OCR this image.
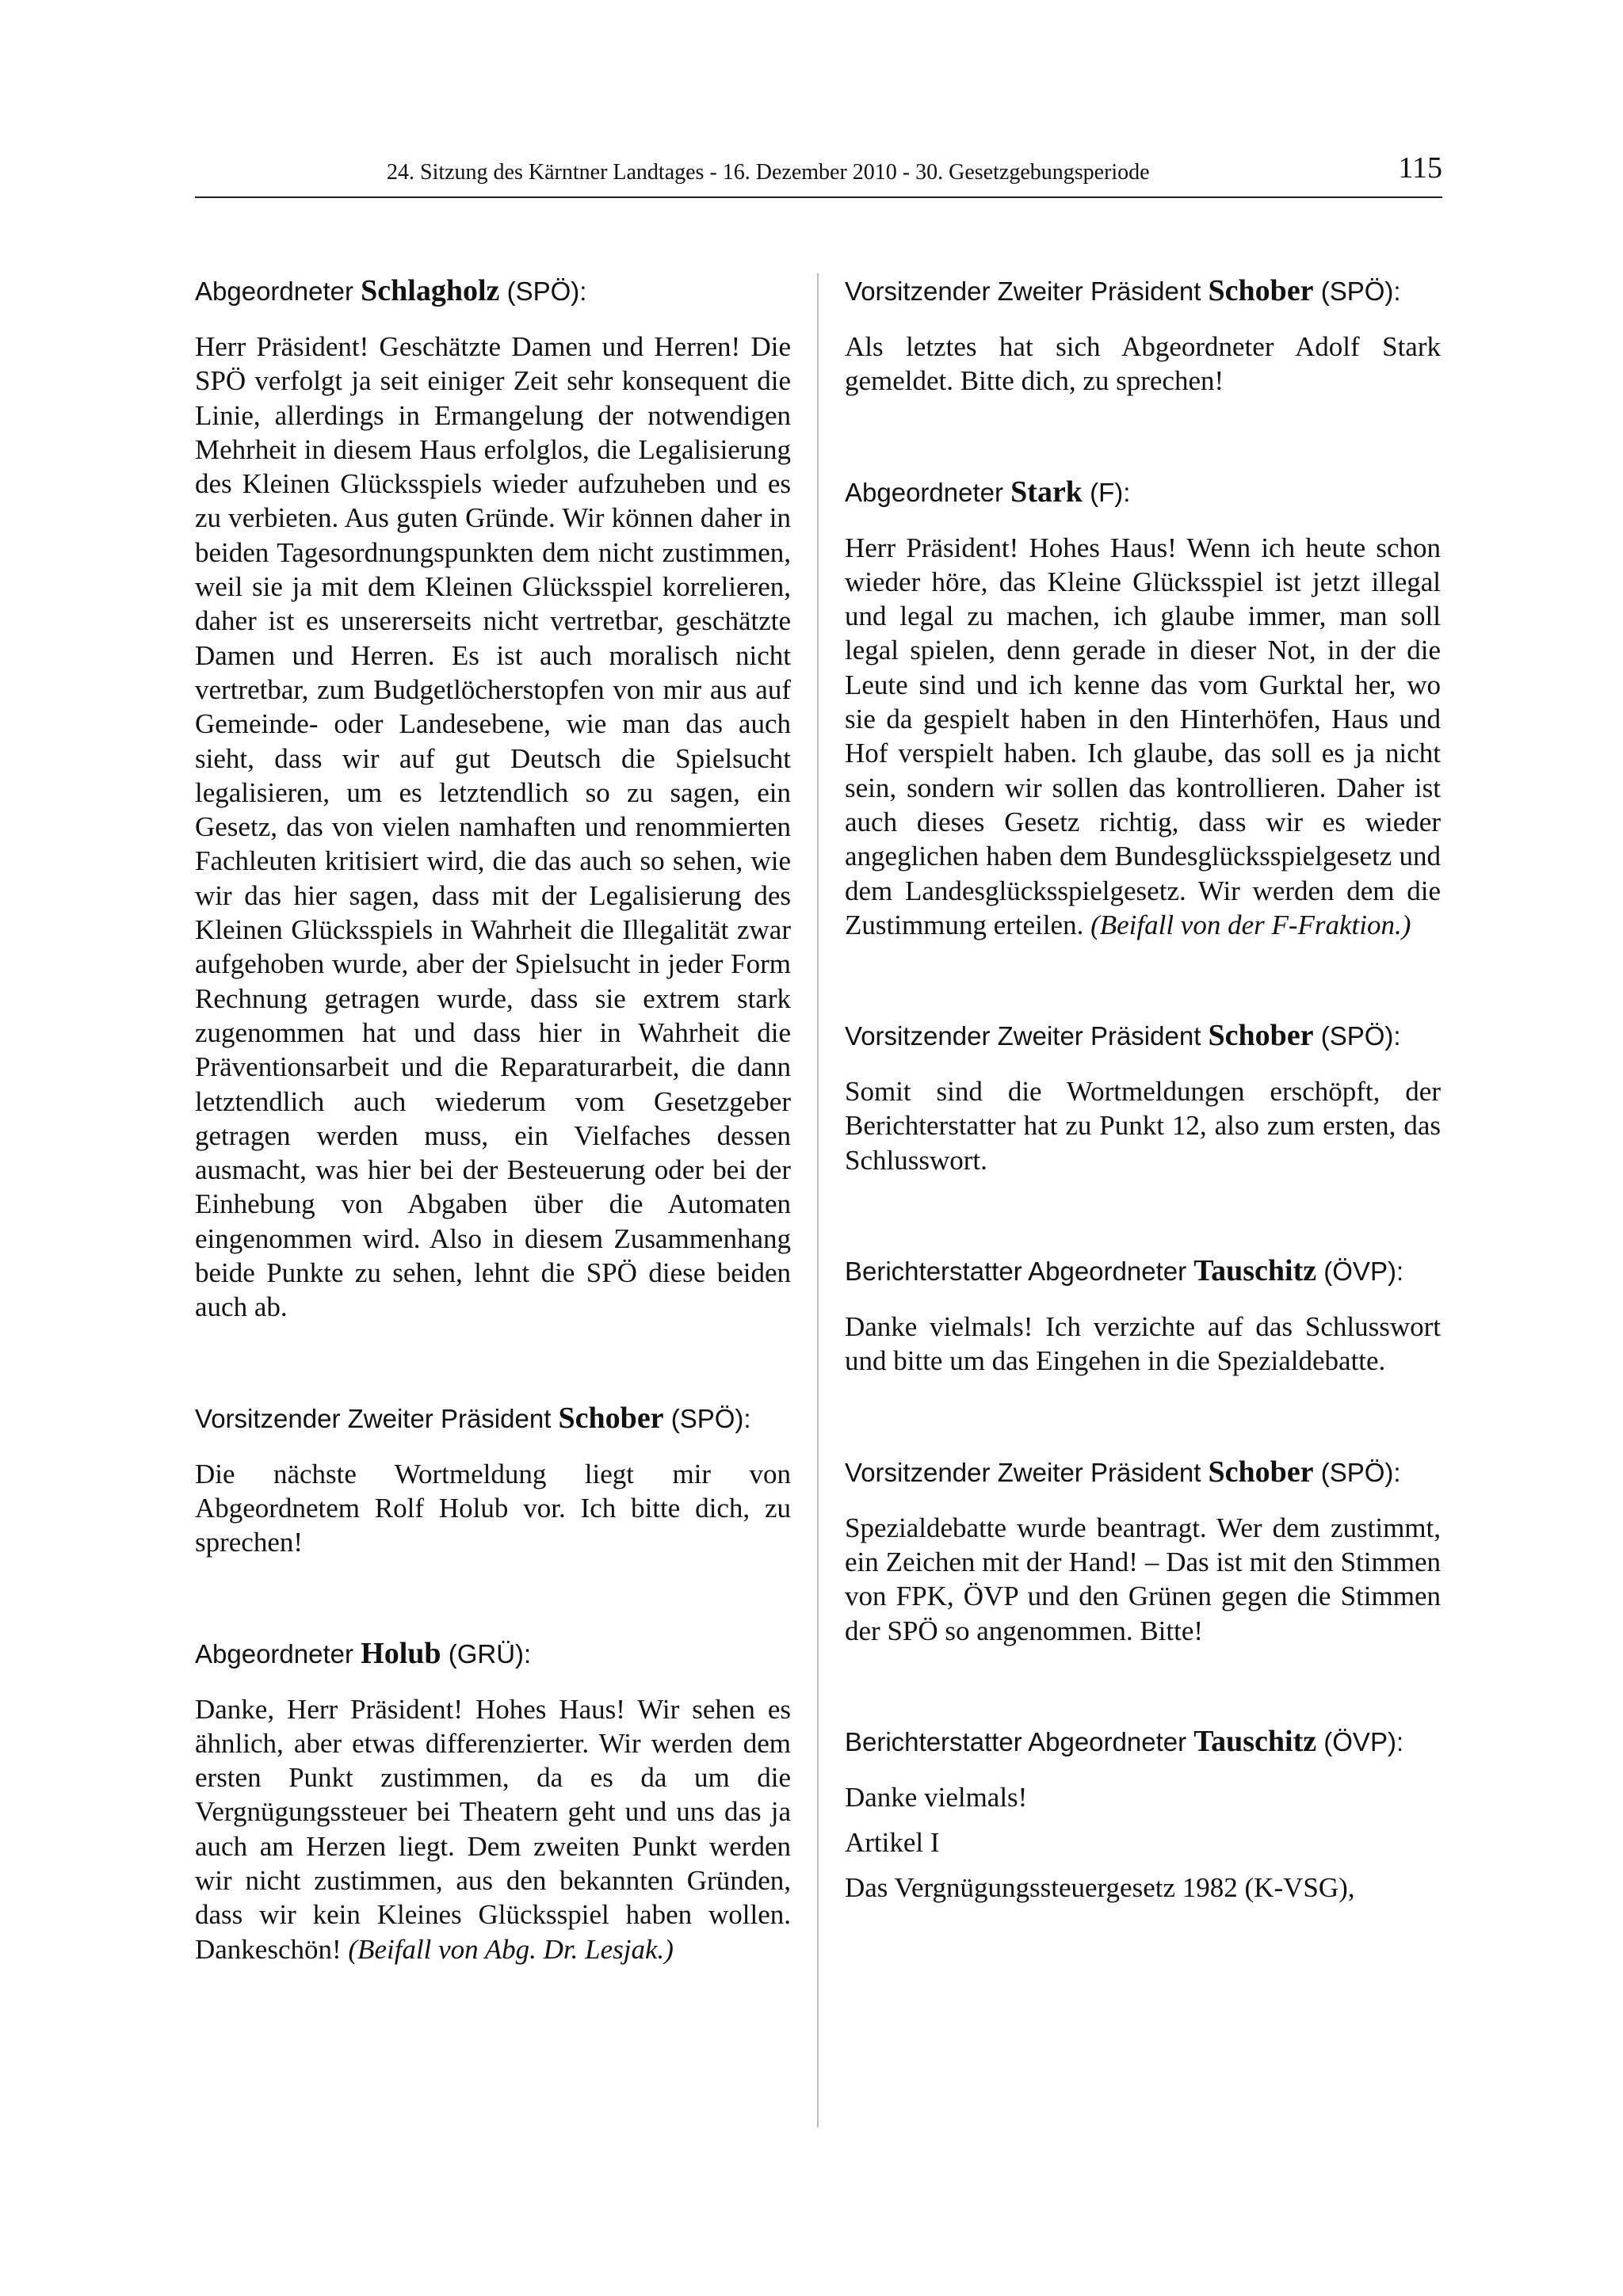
24. Sitzung des Kärntner Landtages - 16. Dezember 2010 - 30. Gesetzgebungsperiode	115
Abgeordneter Schlagholz (SPÖ):

Herr Präsident! Geschätzte Damen und Herren! Die SPÖ verfolgt ja seit einiger Zeit sehr konsequent die Linie, allerdings in Ermangelung der notwendigen Mehrheit in diesem Haus erfolglos, die Legalisierung des Kleinen Glücksspiels wieder aufzuheben und es zu verbieten. Aus guten Gründe. Wir können daher in beiden Tagesordnungspunkten dem nicht zustimmen, weil sie ja mit dem Kleinen Glücksspiel korrelieren, daher ist es unsererseits nicht vertretbar, geschätzte Damen und Herren. Es ist auch moralisch nicht vertretbar, zum Budgetlöcherstopfen von mir aus auf Gemeinde- oder Landesebene, wie man das auch sieht, dass wir auf gut Deutsch die Spielsucht legalisieren, um es letztendlich so zu sagen, ein Gesetz, das von vielen namhaften und renommierten Fachleuten kritisiert wird, die das auch so sehen, wie wir das hier sagen, dass mit der Legalisierung des Kleinen Glücksspiels in Wahrheit die Illegalität zwar aufgehoben wurde, aber der Spielsucht in jeder Form Rechnung getragen wurde, dass sie extrem stark zugenommen hat und dass hier in Wahrheit die Präventionsarbeit und die Reparaturarbeit, die dann letztendlich auch wiederum vom Gesetzgeber getragen werden muss, ein Vielfaches dessen ausmacht, was hier bei der Besteuerung oder bei der Einhebung von Abgaben über die Automaten eingenommen wird. Also in diesem Zusammenhang beide Punkte zu sehen, lehnt die SPÖ diese beiden auch ab.

Vorsitzender Zweiter Präsident Schober (SPÖ):

Die nächste Wortmeldung liegt mir von Abgeordnetem Rolf Holub vor. Ich bitte dich, zu sprechen!

Abgeordneter Holub (GRÜ):

Danke, Herr Präsident! Hohes Haus! Wir sehen es ähnlich, aber etwas differenzierter. Wir werden dem ersten Punkt zustimmen, da es da um die Vergnügungssteuer bei Theatern geht und uns das ja auch am Herzen liegt. Dem zweiten Punkt werden wir nicht zustimmen, aus den bekannten Gründen, dass wir kein Kleines Glücksspiel haben wollen. Dankeschön! (Beifall von Abg. Dr. Lesjak.)

Vorsitzender Zweiter Präsident Schober (SPÖ):

Als letztes hat sich Abgeordneter Adolf Stark gemeldet. Bitte dich, zu sprechen!

Abgeordneter Stark (F):

Herr Präsident! Hohes Haus! Wenn ich heute schon wieder höre, das Kleine Glücksspiel ist jetzt illegal und legal zu machen, ich glaube immer, man soll legal spielen, denn gerade in dieser Not, in der die Leute sind und ich kenne das vom Gurktal her, wo sie da gespielt haben in den Hinterhöfen, Haus und Hof verspielt haben. Ich glaube, das soll es ja nicht sein, sondern wir sollen das kontrollieren. Daher ist auch dieses Gesetz richtig, dass wir es wieder angeglichen haben dem Bundesglücksspielgesetz und dem Landesglücksspielgesetz. Wir werden dem die Zustimmung erteilen. (Beifall von der F-Fraktion.)

Vorsitzender Zweiter Präsident Schober (SPÖ):

Somit sind die Wortmeldungen erschöpft, der Berichterstatter hat zu Punkt 12, also zum ersten, das Schlusswort.

Berichterstatter Abgeordneter Tauschitz (ÖVP):

Danke vielmals! Ich verzichte auf das Schlusswort und bitte um das Eingehen in die Spezialdebatte.

Vorsitzender Zweiter Präsident Schober (SPÖ):

Spezialdebatte wurde beantragt. Wer dem zustimmt, ein Zeichen mit der Hand! – Das ist mit den Stimmen von FPK, ÖVP und den Grünen gegen die Stimmen der SPÖ so angenommen. Bitte!

Berichterstatter Abgeordneter Tauschitz (ÖVP):

Danke vielmals!

Artikel I

Das Vergnügungssteuergesetz 1982 (K-VSG),
